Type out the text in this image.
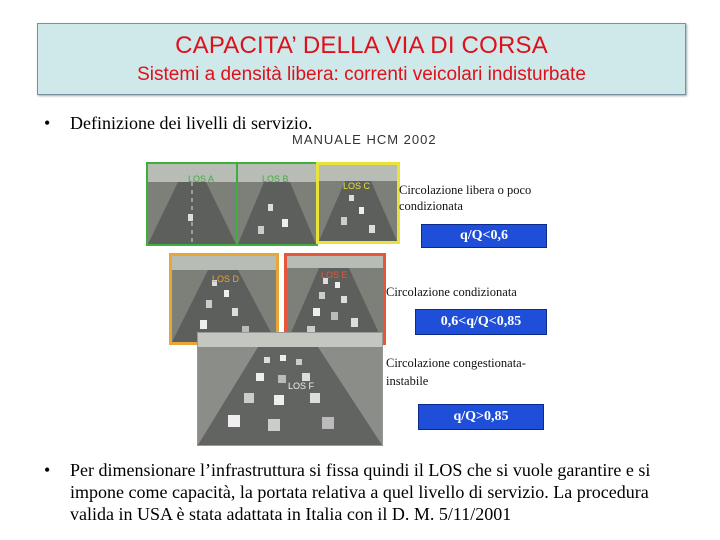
CAPACITA’ DELLA VIA DI CORSA
Sistemi a densità libera: correnti veicolari indisturbate
• Definizione dei livelli di servizio.
MANUALE HCM 2002
LOS A	LOS B
LOS C Circolazione libera o poco condizionata
q/Q<0,6
LOS D	LOS E
Circolazione condizionata
0,6<q/Q<0,85
LOS F
Circolazione congestionata-instabile
q/Q>0,85
• Per dimensionare l’infrastruttura si fissa quindi il LOS che si vuole garantire e si impone come capacità, la portata relativa a quel livello di servizio. La procedura valida in USA è stata adattata in Italia con il D. M. 5/11/2001
